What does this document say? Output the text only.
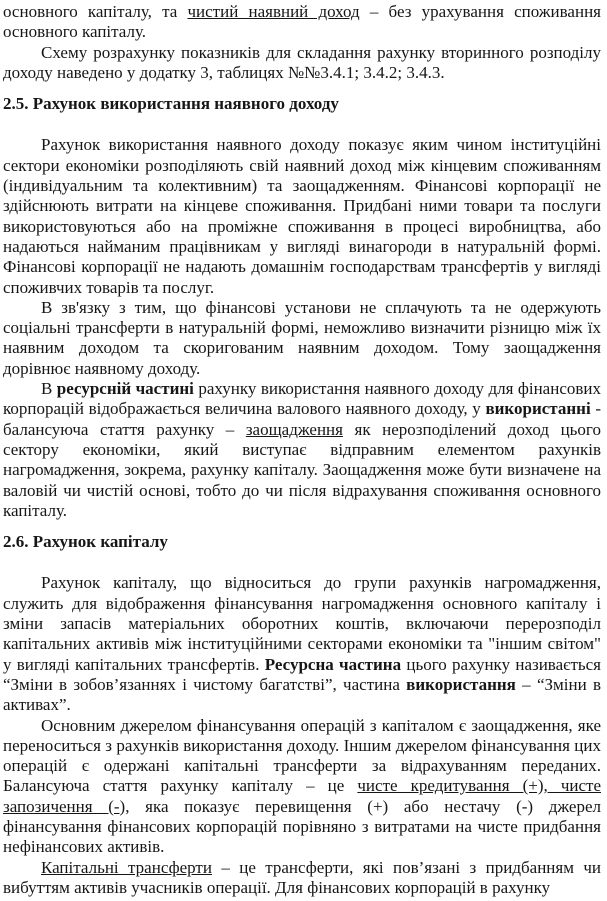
основного капіталу, та чистий наявний доход – без урахування споживання основного капіталу.

Схему розрахунку показників для складання рахунку вторинного розподілу доходу наведено у додатку 3, таблицях №№3.4.1; 3.4.2; 3.4.3.

2.5. Рахунок використання наявного доходу

Рахунок використання наявного доходу показує яким чином інституційні сектори економіки розподіляють свій наявний доход між кінцевим споживанням (індивідуальним та колективним) та заощадженням. Фінансові корпорації не здійснюють витрати на кінцеве споживання. Придбані ними товари та послуги використовуються або на проміжне споживання в процесі виробництва, або надаються найманим працівникам у вигляді винагороди в натуральній формі. Фінансові корпорації не надають домашнім господарствам трансфертів у вигляді споживчих товарів та послуг.

В зв'язку з тим, що фінансові установи не сплачують та не одержують соціальні трансферти в натуральній формі, неможливо визначити різницю між їх наявним доходом та скоригованим наявним доходом. Тому заощадження дорівнює наявному доходу.

В ресурсній частині рахунку використання наявного доходу для фінансових корпорацій відображається величина валового наявного доходу, у використанні - балансуюча стаття рахунку – заощадження як нерозподілений доход цього сектору економіки, який виступає відправним елементом рахунків нагромадження, зокрема, рахунку капіталу. Заощадження може бути визначене на валовій чи чистій основі, тобто до чи після відрахування споживання основного капіталу.

2.6. Рахунок капіталу

Рахунок капіталу, що відноситься до групи рахунків нагромадження, служить для відображення фінансування нагромадження основного капіталу і зміни запасів матеріальних оборотних коштів, включаючи перерозподіл капітальних активів між інституційними секторами економіки та "іншим світом" у вигляді капітальних трансфертів. Ресурсна частина цього рахунку називається “Зміни в зобов’язаннях і чистому багатстві”, частина використання – “Зміни в активах”.

Основним джерелом фінансування операцій з капіталом є заощадження, яке переноситься з рахунків використання доходу. Іншим джерелом фінансування цих операцій є одержані капітальні трансферти за відрахуванням переданих. Балансуюча стаття рахунку капіталу – це чисте кредитування (+), чисте запозичення (-), яка показує перевищення (+) або нестачу (-) джерел фінансування фінансових корпорацій порівняно з витратами на чисте придбання нефінансових активів.

Капітальні трансферти – це трансферти, які пов’язані з придбанням чи вибуттям активів учасників операції. Для фінансових корпорацій в рахунку
